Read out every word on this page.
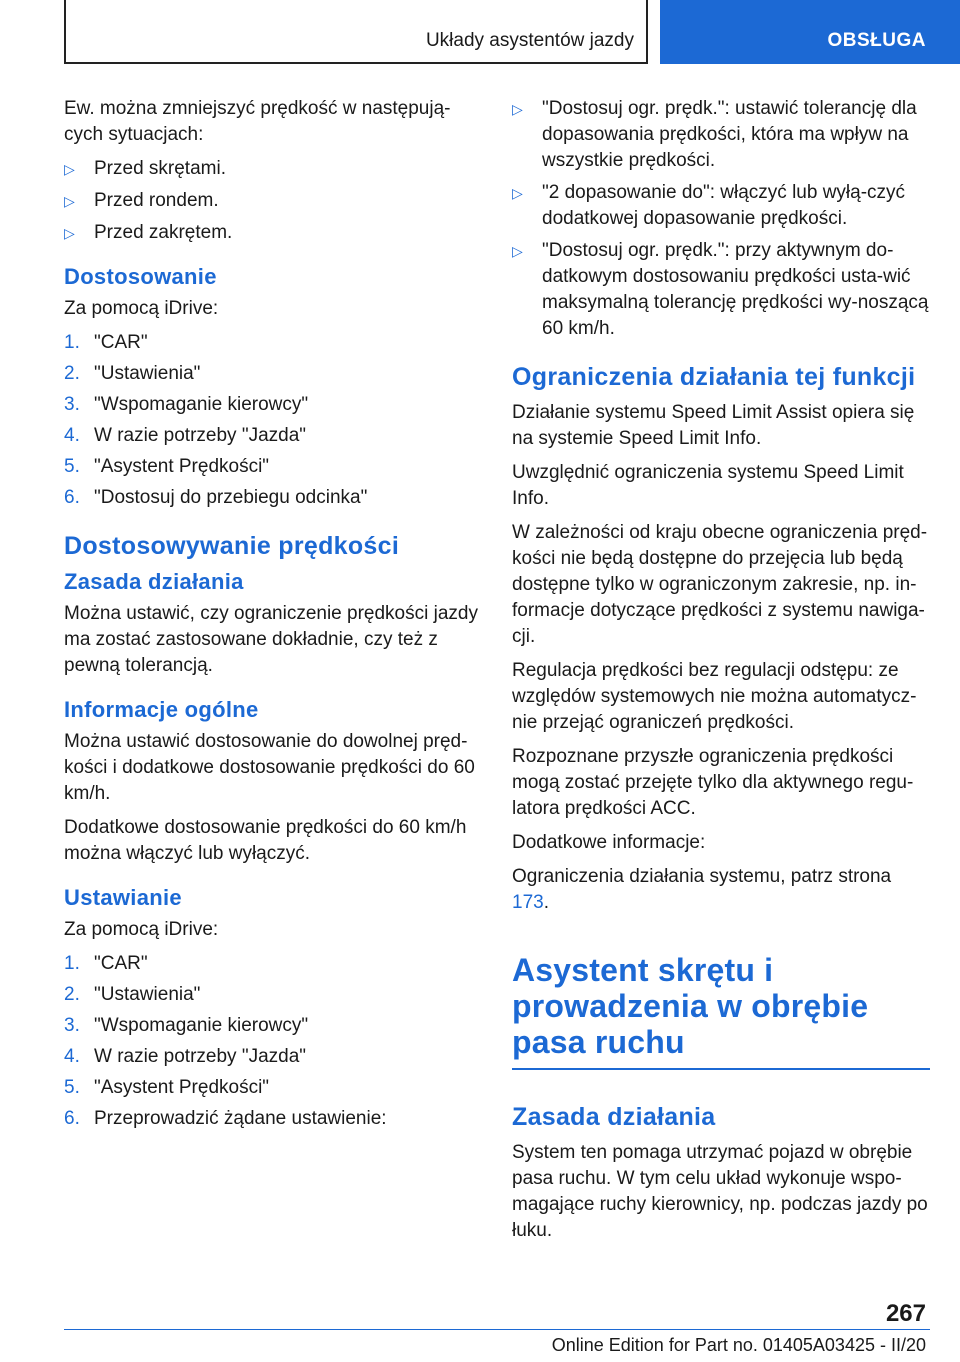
Układy asystentów jazdy	OBSŁUGA

Ew. można zmniejszyć prędkość w następują-cych sytuacjach:

▷ Przed skrętami.
▷ Przed rondem.
▷ Przed zakrętem.
Dostosowanie

Za pomocą iDrive:

1. "CAR"
2. "Ustawienia"
3. "Wspomaganie kierowcy"
4. W razie potrzeby "Jazda"
5. "Asystent Prędkości"
6. "Dostosuj do przebiegu odcinka"
Dostosowywanie prędkości
Zasada działania

Można ustawić, czy ograniczenie prędkości jazdy ma zostać zastosowane dokładnie, czy też z pewną tolerancją.

Informacje ogólne

Można ustawić dostosowanie do dowolnej pręd-kości i dodatkowe dostosowanie prędkości do 60 km/h.

Dodatkowe dostosowanie prędkości do 60 km/h można włączyć lub wyłączyć.

Ustawianie

Za pomocą iDrive:

1. "CAR"
2. "Ustawienia"
3. "Wspomaganie kierowcy"
4. W razie potrzeby "Jazda"
5. "Asystent Prędkości"
6. Przeprowadzić żądane ustawienie:
▷ "Dostosuj ogr. prędk.": ustawić tolerancję dla dopasowania prędkości, która ma wpływ na wszystkie prędkości.
▷ "2 dopasowanie do": włączyć lub wyłą-czyć dodatkowej dopasowanie prędkości.
▷ "Dostosuj ogr. prędk.": przy aktywnym do-datkowym dostosowaniu prędkości usta-wić maksymalną tolerancję prędkości wy-noszącą 60 km/h.
Ograniczenia działania tej funkcji

Działanie systemu Speed Limit Assist opiera się na systemie Speed Limit Info.

Uwzględnić ograniczenia systemu Speed Limit Info.

W zależności od kraju obecne ograniczenia pręd-kości nie będą dostępne do przejęcia lub będą dostępne tylko w ograniczonym zakresie, np. in-formacje dotyczące prędkości z systemu nawiga-cji.

Regulacja prędkości bez regulacji odstępu: ze względów systemowych nie można automatycz-nie przejąć ograniczeń prędkości.

Rozpoznane przyszłe ograniczenia prędkości mogą zostać przejęte tylko dla aktywnego regu-latora prędkości ACC.

Dodatkowe informacje:

Ograniczenia działania systemu, patrz strona 173.

Asystent skrętu i prowadzenia w obrębie pasa ruchu
Zasada działania

System ten pomaga utrzymać pojazd w obrębie pasa ruchu. W tym celu układ wykonuje wspo-magające ruchy kierownicy, np. podczas jazdy po łuku.

267
Online Edition for Part no. 01405A03425 - II/20
